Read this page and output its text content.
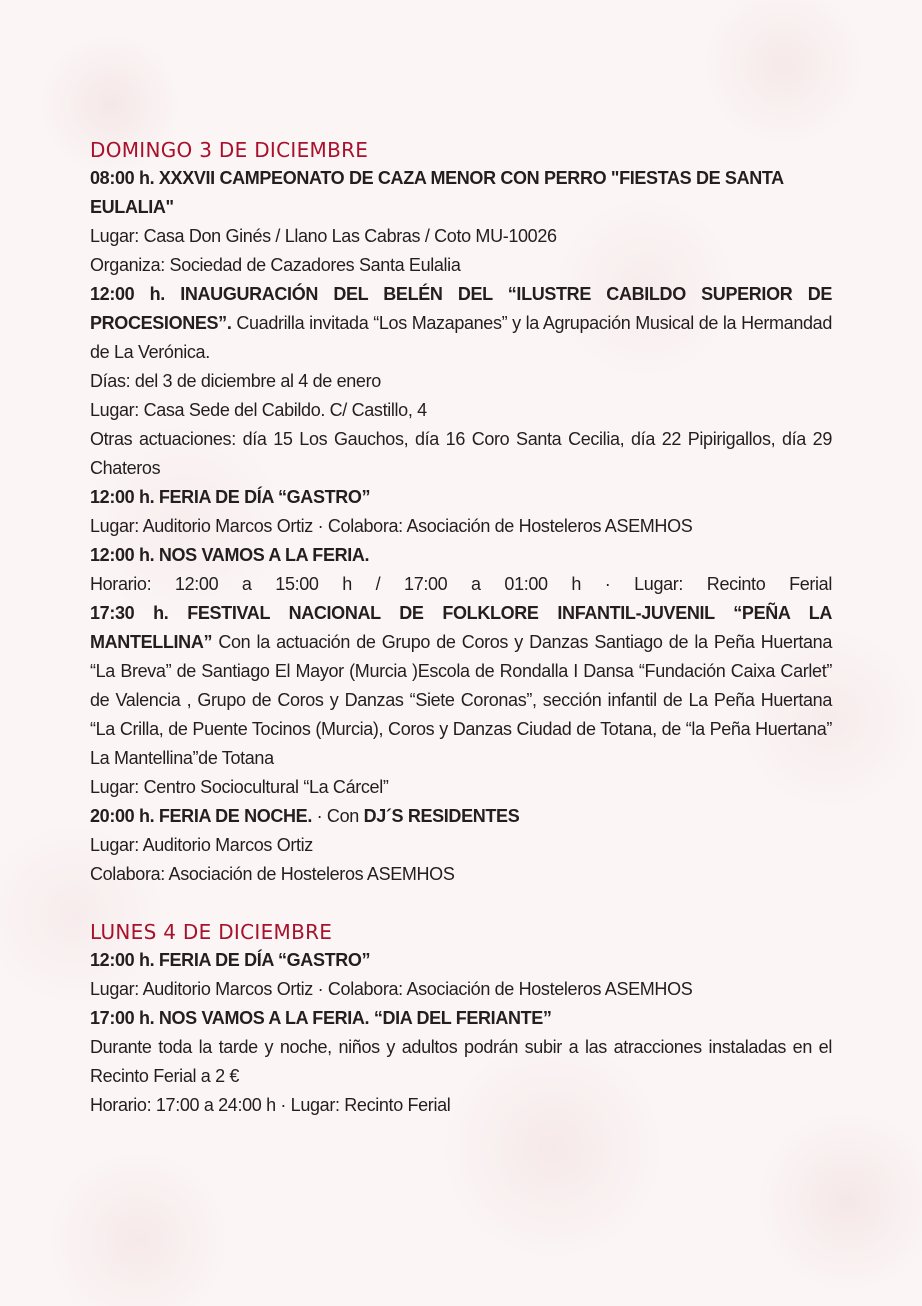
DOMINGO 3 DE DICIEMBRE

08:00 h. XXXVII CAMPEONATO DE CAZA MENOR CON PERRO "FIESTAS DE SANTA EULALIA"

Lugar: Casa Don Ginés / Llano Las Cabras / Coto MU-10026

Organiza: Sociedad de Cazadores Santa Eulalia

12:00 h. INAUGURACIÓN DEL BELÉN DEL “ILUSTRE CABILDO SUPERIOR DE PROCESIONES”. Cuadrilla invitada “Los Mazapanes” y la Agrupación Musical de la Hermandad de La Verónica.

Días: del 3 de diciembre al 4 de enero

Lugar: Casa Sede del Cabildo. C/ Castillo, 4

Otras actuaciones: día 15 Los Gauchos, día 16 Coro Santa Cecilia, día 22 Pipirigallos, día 29 Chateros

12:00 h. FERIA DE DÍA “GASTRO”

Lugar: Auditorio Marcos Ortiz · Colabora: Asociación de Hosteleros ASEMHOS

12:00 h. NOS VAMOS A LA FERIA.

Horario: 12:00 a 15:00 h / 17:00 a 01:00 h · Lugar: Recinto Ferial

17:30 h. FESTIVAL NACIONAL DE FOLKLORE INFANTIL-JUVENIL “PEÑA LA MANTELLINA” Con la actuación de Grupo de Coros y Danzas Santiago de la Peña Huertana “La Breva” de Santiago El Mayor (Murcia )Escola de Rondalla I Dansa “Fundación Caixa Carlet” de Valencia , Grupo de Coros y Danzas “Siete Coronas”, sección infantil de La Peña Huertana “La Crilla, de Puente Tocinos (Murcia), Coros y Danzas Ciudad de Totana, de “la Peña Huertana” La Mantellina”de Totana

Lugar: Centro Sociocultural “La Cárcel”

20:00 h. FERIA DE NOCHE. · Con DJ´S RESIDENTES

Lugar: Auditorio Marcos Ortiz

Colabora: Asociación de Hosteleros ASEMHOS

LUNES 4 DE DICIEMBRE

12:00 h. FERIA DE DÍA “GASTRO”

Lugar: Auditorio Marcos Ortiz · Colabora: Asociación de Hosteleros ASEMHOS

17:00 h. NOS VAMOS A LA FERIA. “DIA DEL FERIANTE”

Durante toda la tarde y noche, niños y adultos podrán subir a las atracciones instaladas en el Recinto Ferial a 2 €

Horario: 17:00 a 24:00 h · Lugar: Recinto Ferial
